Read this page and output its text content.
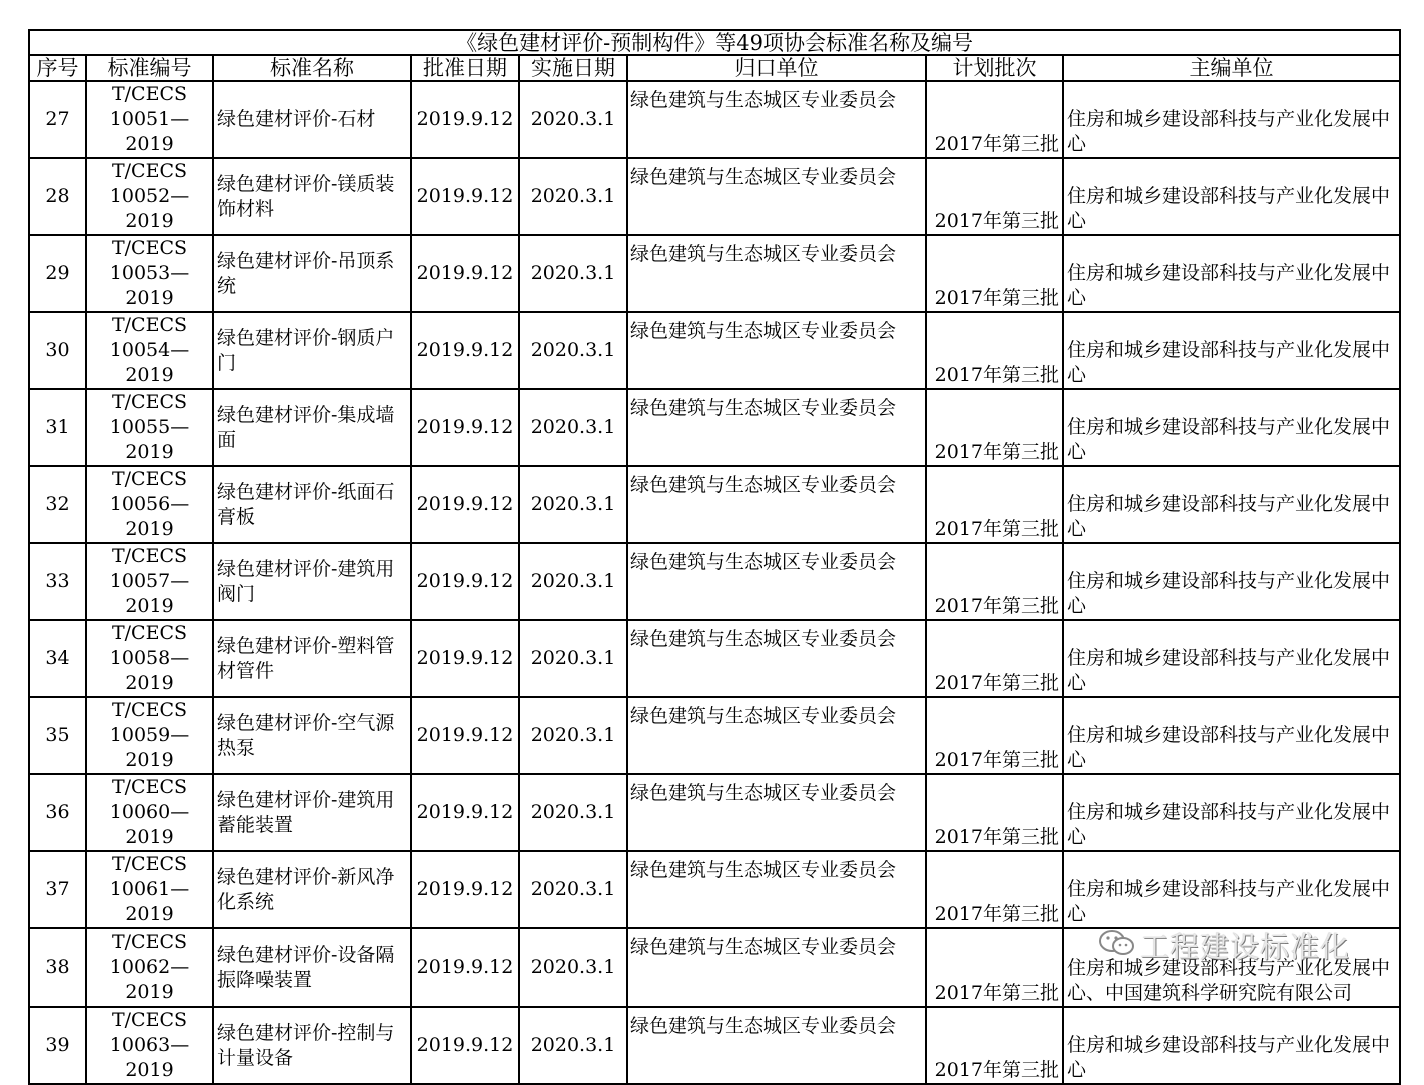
《绿色建材评价-预制构件》等49项协会标准名称及编号							
序号	标准编号	标准名称	批准日期	实施日期	归口单位	计划批次	主编单位
27	T/CECS
10051—2019	绿色建材评价-石材	2019.9.12	2020.3.1	绿色建筑与生态城区专业委员会	2017年第三批	住房和城乡建设部科技与产业化发展中心
28	T/CECS
10052—2019	绿色建材评价-镁质装饰材料	2019.9.12	2020.3.1	绿色建筑与生态城区专业委员会	2017年第三批	住房和城乡建设部科技与产业化发展中心
29	T/CECS
10053—2019	绿色建材评价-吊顶系统	2019.9.12	2020.3.1	绿色建筑与生态城区专业委员会	2017年第三批	住房和城乡建设部科技与产业化发展中心
30	T/CECS
10054—2019	绿色建材评价-钢质户门	2019.9.12	2020.3.1	绿色建筑与生态城区专业委员会	2017年第三批	住房和城乡建设部科技与产业化发展中心
31	T/CECS
10055—2019	绿色建材评价-集成墙面	2019.9.12	2020.3.1	绿色建筑与生态城区专业委员会	2017年第三批	住房和城乡建设部科技与产业化发展中心
32	T/CECS
10056—2019	绿色建材评价-纸面石膏板	2019.9.12	2020.3.1	绿色建筑与生态城区专业委员会	2017年第三批	住房和城乡建设部科技与产业化发展中心
33	T/CECS
10057—2019	绿色建材评价-建筑用阀门	2019.9.12	2020.3.1	绿色建筑与生态城区专业委员会	2017年第三批	住房和城乡建设部科技与产业化发展中心
34	T/CECS
10058—2019	绿色建材评价-塑料管材管件	2019.9.12	2020.3.1	绿色建筑与生态城区专业委员会	2017年第三批	住房和城乡建设部科技与产业化发展中心
35	T/CECS
10059—2019	绿色建材评价-空气源热泵	2019.9.12	2020.3.1	绿色建筑与生态城区专业委员会	2017年第三批	住房和城乡建设部科技与产业化发展中心
36	T/CECS
10060—2019	绿色建材评价-建筑用蓄能装置	2019.9.12	2020.3.1	绿色建筑与生态城区专业委员会	2017年第三批	住房和城乡建设部科技与产业化发展中心
37	T/CECS
10061—2019	绿色建材评价-新风净化系统	2019.9.12	2020.3.1	绿色建筑与生态城区专业委员会	2017年第三批	住房和城乡建设部科技与产业化发展中心
38	T/CECS
10062—2019	绿色建材评价-设备隔振降噪装置	2019.9.12	2020.3.1	绿色建筑与生态城区专业委员会	2017年第三批	住房和城乡建设部科技与产业化发展中心、中国建筑科学研究院有限公司
39	T/CECS
10063—2019	绿色建材评价-控制与计量设备	2019.9.12	2020.3.1	绿色建筑与生态城区专业委员会	2017年第三批	住房和城乡建设部科技与产业化发展中心
工程建设标准化
